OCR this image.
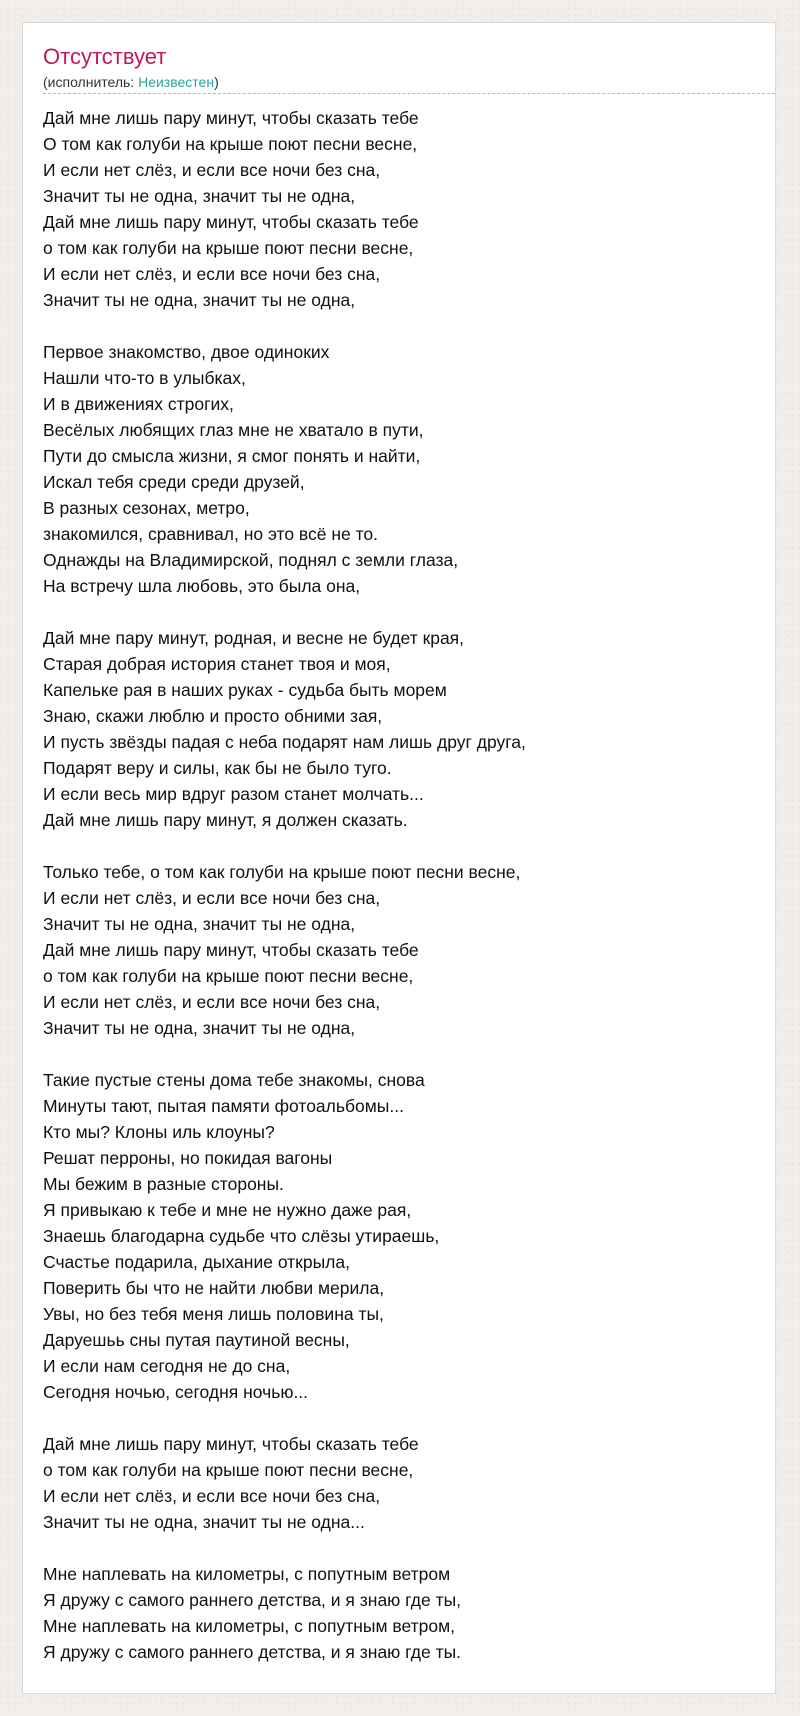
Отсутствует
(исполнитель: Неизвестен)
Дай мне лишь пару минут, чтобы сказать тебе
О том как голуби на крыше поют песни весне,
И если нет слёз, и если все ночи без сна,
Значит ты не одна, значит ты не одна,
Дай мне лишь пару минут, чтобы сказать тебе
о том как голуби на крыше поют песни весне,
И если нет слёз, и если все ночи без сна,
Значит ты не одна, значит ты не одна,
Первое знакомство, двое одиноких
Нашли что-то в улыбках,
И в движениях строгих,
Весёлых любящих глаз мне не хватало в пути,
Пути до смысла жизни, я смог понять и найти,
Искал тебя среди среди друзей,
В разных сезонах, метро,
знакомился, сравнивал, но это всё не то.
Однажды на Владимирской, поднял с земли глаза,
На встречу шла любовь, это была она,
Дай мне пару минут, родная, и весне не будет края,
Старая добрая история станет твоя и моя,
Капельке рая в наших руках - судьба быть морем
Знаю, скажи люблю и просто обними зая,
И пусть звёзды падая с неба подарят нам лишь друг друга,
Подарят веру и силы, как бы не было туго.
И если весь мир вдруг разом станет молчать...
Дай мне лишь пару минут, я должен сказать.
Только тебе, о том как голуби на крыше поют песни весне,
И если нет слёз, и если все ночи без сна,
Значит ты не одна, значит ты не одна,
Дай мне лишь пару минут, чтобы сказать тебе
о том как голуби на крыше поют песни весне,
И если нет слёз, и если все ночи без сна,
Значит ты не одна, значит ты не одна,
Такие пустые стены дома тебе знакомы, снова
Минуты тают, пытая памяти фотоальбомы...
Кто мы? Клоны иль клоуны?
Решат перроны, но покидая вагоны
Мы бежим в разные стороны.
Я привыкаю к тебе и мне не нужно даже рая,
Знаешь благодарна судьбе что слёзы утираешь,
Счастье подарила, дыхание открыла,
Поверить бы что не найти любви мерила,
Увы, но без тебя меня лишь половина ты,
Даруешьь сны путая паутиной весны,
И если нам сегодня не до сна,
Сегодня ночью, сегодня ночью...
Дай мне лишь пару минут, чтобы сказать тебе
о том как голуби на крыше поют песни весне,
И если нет слёз, и если все ночи без сна,
Значит ты не одна, значит ты не одна...
Мне наплевать на километры, с попутным ветром
Я дружу с самого раннего детства, и я знаю где ты,
Мне наплевать на километры, с попутным ветром,
Я дружу с самого раннего детства, и я знаю где ты.
